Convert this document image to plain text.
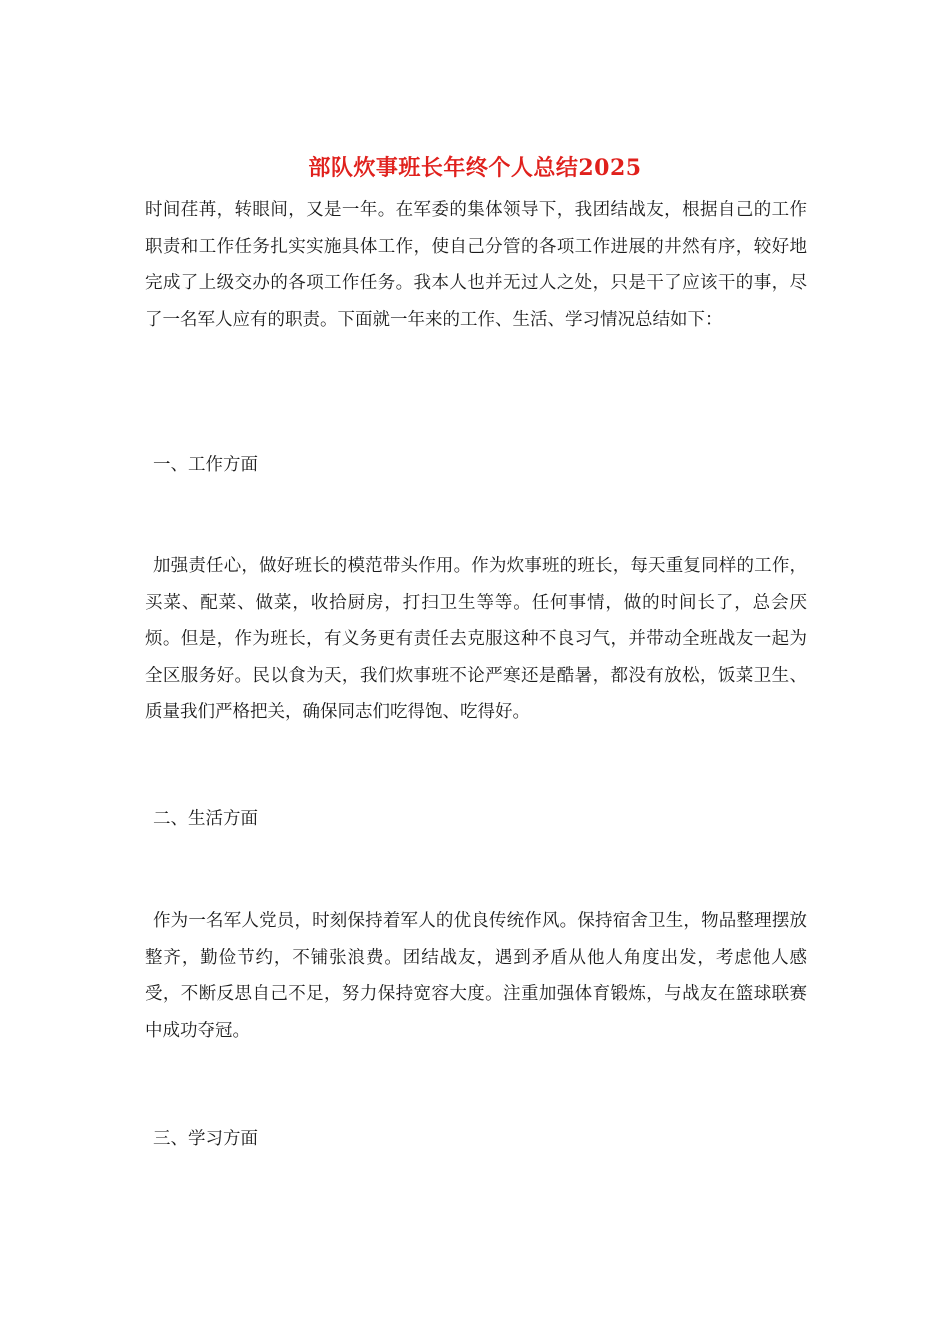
部队炊事班长年终个人总结2025

时间荏苒，转眼间，又是一年。在军委的集体领导下，我团结战友，根据自己的工作职责和工作任务扎实实施具体工作，使自己分管的各项工作进展的井然有序，较好地完成了上级交办的各项工作任务。我本人也并无过人之处，只是干了应该干的事，尽了一名军人应有的职责。下面就一年来的工作、生活、学习情况总结如下：

一、工作方面

加强责任心，做好班长的模范带头作用。作为炊事班的班长，每天重复同样的工作，买菜、配菜、做菜，收拾厨房，打扫卫生等等。任何事情，做的时间长了，总会厌烦。但是，作为班长，有义务更有责任去克服这种不良习气，并带动全班战友一起为全区服务好。民以食为天，我们炊事班不论严寒还是酷暑，都没有放松，饭菜卫生、质量我们严格把关，确保同志们吃得饱、吃得好。

二、生活方面

作为一名军人党员，时刻保持着军人的优良传统作风。保持宿舍卫生，物品整理摆放整齐，勤俭节约，不铺张浪费。团结战友，遇到矛盾从他人角度出发，考虑他人感受，不断反思自己不足，努力保持宽容大度。注重加强体育锻炼，与战友在篮球联赛中成功夺冠。

三、学习方面
